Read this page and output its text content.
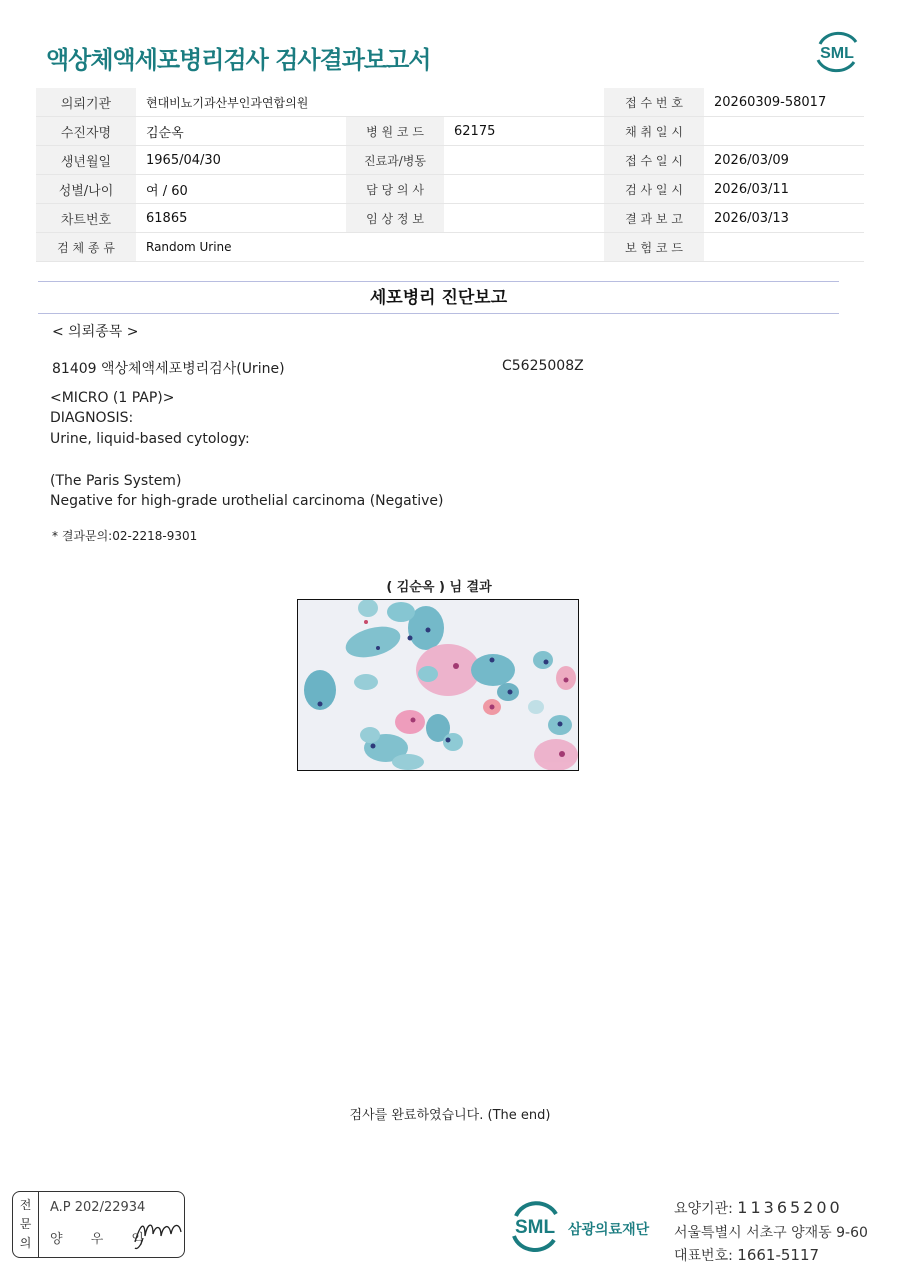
액상체액세포병리검사 검사결과보고서	SML
의뢰기관	현대비뇨기과산부인과연합의원			접 수 번 호	20260309-58017
수진자명	김순옥	병 원 코 드	62175	채 취 일 시	
생년월일	1965/04/30	진료과/병동		접 수 일 시	2026/03/09
성별/나이	여 / 60	담 당 의 사		검 사 일 시	2026/03/11
차트번호	61865	임 상 정 보		결 과 보 고	2026/03/13
검 체 종 류	Random Urine			보 험 코 드	
세포병리 진단보고
< 의뢰종목 >
81409 액상체액세포병리검사(Urine)	C5625008Z
<MICRO (1 PAP)>
DIAGNOSIS:
Urine, liquid-based cytology:
(The Paris System)
Negative for high-grade urothelial carcinoma (Negative)
* 결과문의:02-2218-9301
( 김순옥 ) 님 결과
검사를 완료하였습니다. (The end)
전
문
의
A.P 202/22934
양 우 익
SML 삼광의료재단
요양기관: 11365200
서울특별시 서초구 양재동 9-60
대표번호: 1661-5117
